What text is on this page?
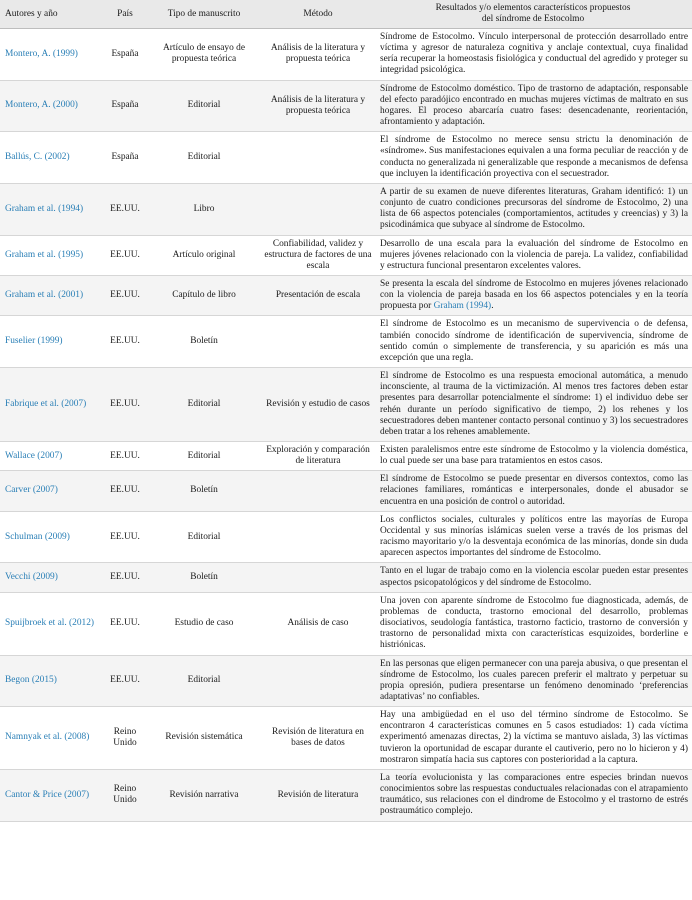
Autores y año	País	Tipo de manuscrito	Método	Resultados y/o elementos característicos propuestos
del síndrome de Estocolmo
Montero, A. (1999)	España	Artículo de ensayo de propuesta teórica	Análisis de la literatura y propuesta teórica	Síndrome de Estocolmo. Vínculo interpersonal de protección desarrollado entre víctima y agresor de naturaleza cognitiva y anclaje contextual, cuya finalidad sería recuperar la homeostasis fisiológica y conductual del agredido y proteger su integridad psicológica.
Montero, A. (2000)	España	Editorial	Análisis de la literatura y propuesta teórica	Síndrome de Estocolmo doméstico. Tipo de trastorno de adaptación, responsable del efecto paradójico encontrado en muchas mujeres víctimas de maltrato en sus hogares. El proceso abarcaría cuatro fases: desencadenante, reorientación, afrontamiento y adaptación.
Ballús, C. (2002)	España	Editorial		El síndrome de Estocolmo no merece sensu strictu la denominación de «síndrome». Sus manifestaciones equivalen a una forma peculiar de reacción y de conducta no generalizada ni generalizable que responde a mecanismos de defensa que incluyen la identificación proyectiva con el secuestrador.
Graham et al. (1994)	EE.UU.	Libro		A partir de su examen de nueve diferentes literaturas, Graham identificó: 1) un conjunto de cuatro condiciones precursoras del síndrome de Estocolmo, 2) una lista de 66 aspectos potenciales (comportamientos, actitudes y creencias) y 3) la psicodinámica que subyace al síndrome de Estocolmo.
Graham et al. (1995)	EE.UU.	Artículo original	Confiabilidad, validez y estructura de factores de una escala	Desarrollo de una escala para la evaluación del síndrome de Estocolmo en mujeres jóvenes relacionado con la violencia de pareja. La validez, confiabilidad y estructura funcional presentaron excelentes valores.
Graham et al. (2001)	EE.UU.	Capítulo de libro	Presentación de escala	Se presenta la escala del síndrome de Estocolmo en mujeres jóvenes relacionado con la violencia de pareja basada en los 66 aspectos potenciales y en la teoría propuesta por Graham (1994).
Fuselier (1999)	EE.UU.	Boletín		El síndrome de Estocolmo es un mecanismo de supervivencia o de defensa, también conocido síndrome de identificación de supervivencia, síndrome de sentido común o simplemente de transferencia, y su aparición es más una excepción que una regla.
Fabrique et al. (2007)	EE.UU.	Editorial	Revisión y estudio de casos	El síndrome de Estocolmo es una respuesta emocional automática, a menudo inconsciente, al trauma de la victimización. Al menos tres factores deben estar presentes para desarrollar potencialmente el síndrome: 1) el individuo debe ser rehén durante un período significativo de tiempo, 2) los rehenes y los secuestradores deben mantener contacto personal continuo y 3) los secuestradores deben tratar a los rehenes amablemente.
Wallace (2007)	EE.UU.	Editorial	Exploración y comparación de literatura	Existen paralelismos entre este síndrome de Estocolmo y la violencia doméstica, lo cual puede ser una base para tratamientos en estos casos.
Carver (2007)	EE.UU.	Boletín		El síndrome de Estocolmo se puede presentar en diversos contextos, como las relaciones familiares, románticas e interpersonales, donde el abusador se encuentra en una posición de control o autoridad.
Schulman (2009)	EE.UU.	Editorial		Los conflictos sociales, culturales y políticos entre las mayorías de Europa Occidental y sus minorías islámicas suelen verse a través de los prismas del racismo mayoritario y/o la desventaja económica de las minorías, donde sin duda aparecen aspectos importantes del síndrome de Estocolmo.
Vecchi (2009)	EE.UU.	Boletín		Tanto en el lugar de trabajo como en la violencia escolar pueden estar presentes aspectos psicopatológicos y del síndrome de Estocolmo.
Spuijbroek et al. (2012)	EE.UU.	Estudio de caso	Análisis de caso	Una joven con aparente síndrome de Estocolmo fue diagnosticada, además, de problemas de conducta, trastorno emocional del desarrollo, problemas disociativos, seudología fantástica, trastorno facticio, trastorno de conversión y trastorno de personalidad mixta con características esquizoides, borderline e histriónicas.
Begon (2015)	EE.UU.	Editorial		En las personas que eligen permanecer con una pareja abusiva, o que presentan el síndrome de Estocolmo, los cuales parecen preferir el maltrato y perpetuar su propia opresión, pudiera presentarse un fenómeno denominado ‘preferencias adaptativas’ no confiables.
Namnyak et al. (2008)	Reino Unido	Revisión sistemática	Revisión de literatura en bases de datos	Hay una ambigüedad en el uso del término síndrome de Estocolmo. Se encontraron 4 características comunes en 5 casos estudiados: 1) cada víctima experimentó amenazas directas, 2) la víctima se mantuvo aislada, 3) las víctimas tuvieron la oportunidad de escapar durante el cautiverio, pero no lo hicieron y 4) mostraron simpatía hacia sus captores con posterioridad a la captura.
Cantor & Price (2007)	Reino Unido	Revisión narrativa	Revisión de literatura	La teoría evolucionista y las comparaciones entre especies brindan nuevos conocimientos sobre las respuestas conductuales relacionadas con el atrapamiento traumático, sus relaciones con el dindrome de Estocolmo y el trastorno de estrés postraumático complejo.
